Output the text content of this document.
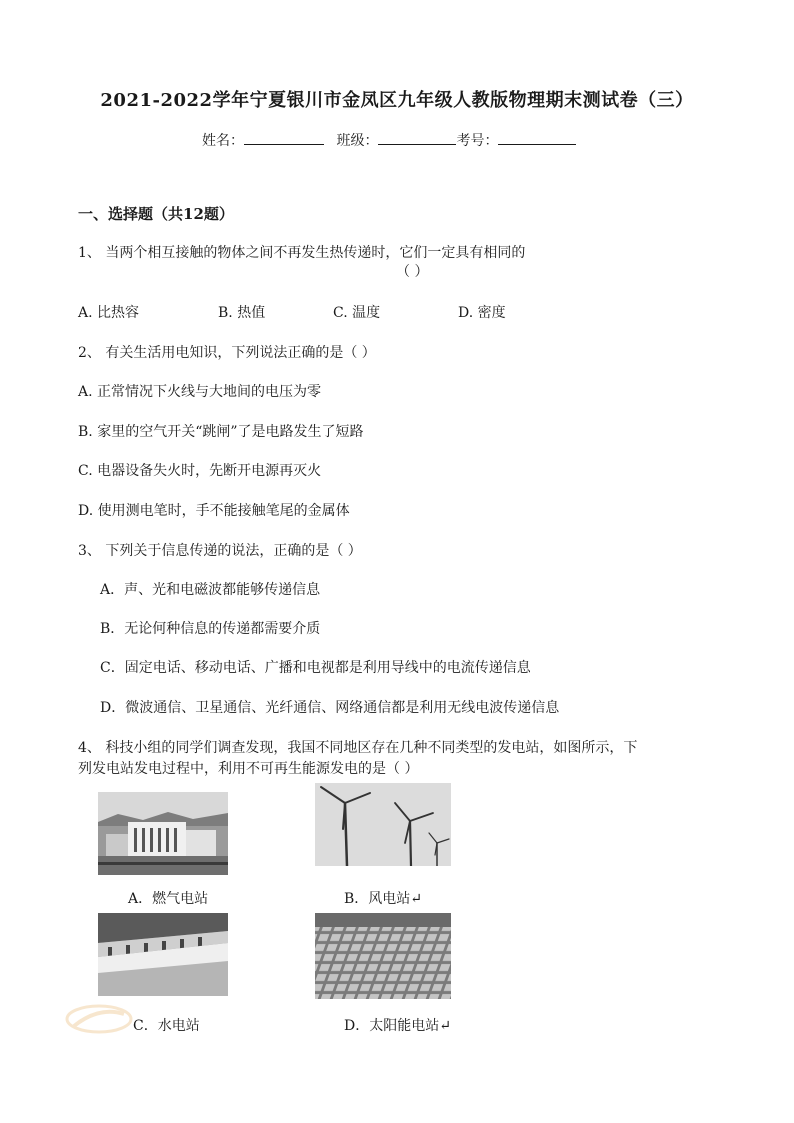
2021-2022学年宁夏银川市金凤区九年级人教版物理期末测试卷（三）
姓名：	班级：	考号：
一、选择题（共12题）
1、 当两个相互接触的物体之间不再发生热传递时，它们一定具有相同的
（ ）
A. 比热容	B. 热值	C. 温度	D. 密度
2、 有关生活用电知识，下列说法正确的是（ ）
A. 正常情况下火线与大地间的电压为零
B. 家里的空气开关“跳闸”了是电路发生了短路
C. 电器设备失火时，先断开电源再灭火
D. 使用测电笔时，手不能接触笔尾的金属体
3、 下列关于信息传递的说法，正确的是（ ）
A．声、光和电磁波都能够传递信息
B．无论何种信息的传递都需要介质
C．固定电话、移动电话、广播和电视都是利用导线中的电流传递信息
D．微波通信、卫星通信、光纤通信、网络通信都是利用无线电波传递信息
4、 科技小组的同学们调查发现，我国不同地区存在几种不同类型的发电站，如图所示，下
列发电站发电过程中，利用不可再生能源发电的是（ ）
A．燃气电站	B．风电站↵
C．水电站	D．太阳能电站↵
